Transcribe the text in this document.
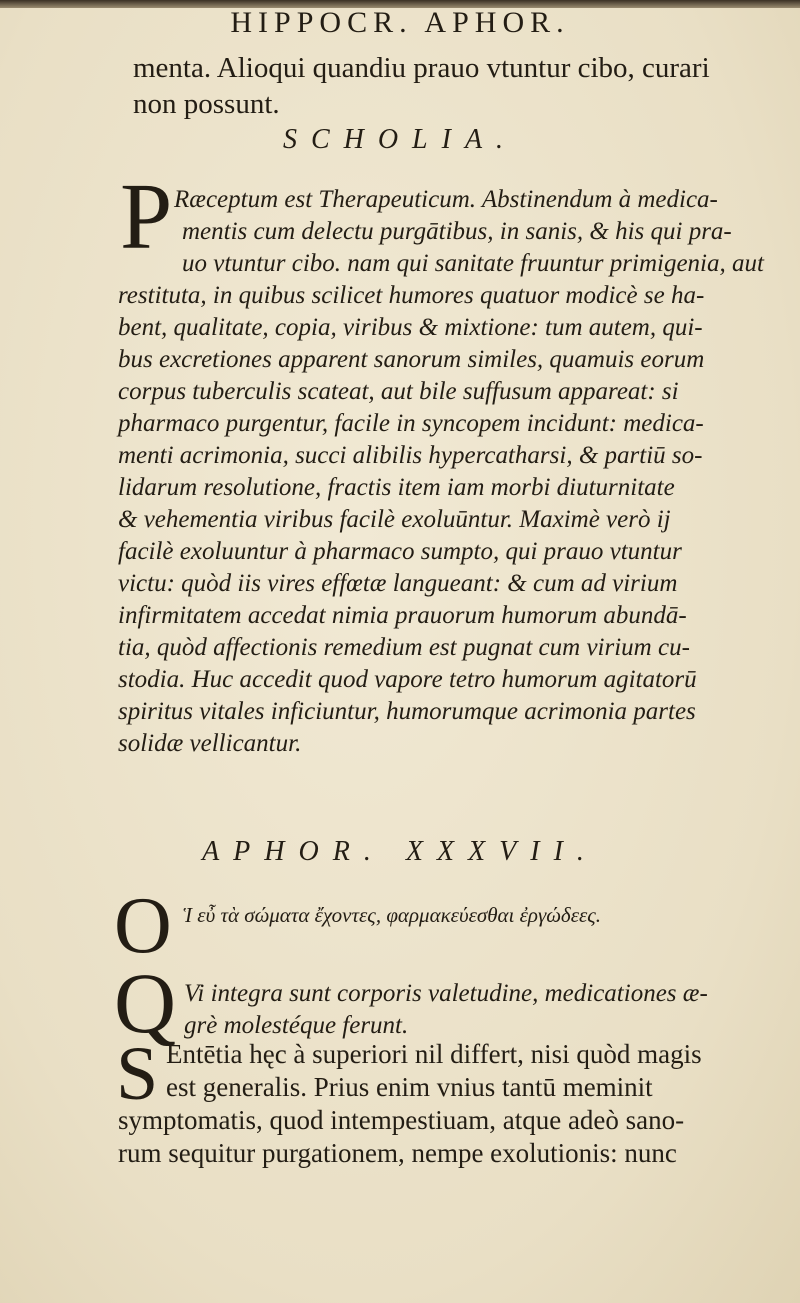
HIPPOCR. APHOR.
menta. Alioqui quandiu prauo vtuntur cibo, curari
non possunt.
SCHOLIA.
P Ræceptum est Therapeuticum. Abstinendum à medica-
mentis cum delectu purgātibus, in sanis, & his qui pra-
uo vtuntur cibo. nam qui sanitate fruuntur primigenia, aut
restituta, in quibus scilicet humores quatuor modicè se ha-
bent, qualitate, copia, viribus & mixtione: tum autem, qui-
bus excretiones apparent sanorum similes, quamuis eorum
corpus tuberculis scateat, aut bile suffusum appareat: si
pharmaco purgentur, facile in syncopem incidunt: medica-
menti acrimonia, succi alibilis hypercatharsi, & partiū so-
lidarum resolutione, fractis item iam morbi diuturnitate
& vehementia viribus facilè exoluūntur. Maximè verò ij
facilè exoluuntur à pharmaco sumpto, qui prauo vtuntur
victu: quòd iis vires effœtæ langueant: & cum ad virium
infirmitatem accedat nimia prauorum humorum abundā-
tia, quòd affectionis remedium est pugnat cum virium cu-
stodia. Huc accedit quod vapore tetro humorum agitatorū
spiritus vitales inficiuntur, humorumque acrimonia partes
solidæ vellicantur.
APHOR. XXXVII.
O Ἱ εὖ τὰ σώματα ἔχοντες, φαρμακεύεσθαι ἐργώδεες.
Q Vi integra sunt corporis valetudine, medicationes æ-
grè molestéque ferunt.
S Entētia hęc à superiori nil differt, nisi quòd magis
est generalis. Prius enim vnius tantū meminit
symptomatis, quod intempestiuam, atque adeò sano-
rum sequitur purgationem, nempe exolutionis: nunc
